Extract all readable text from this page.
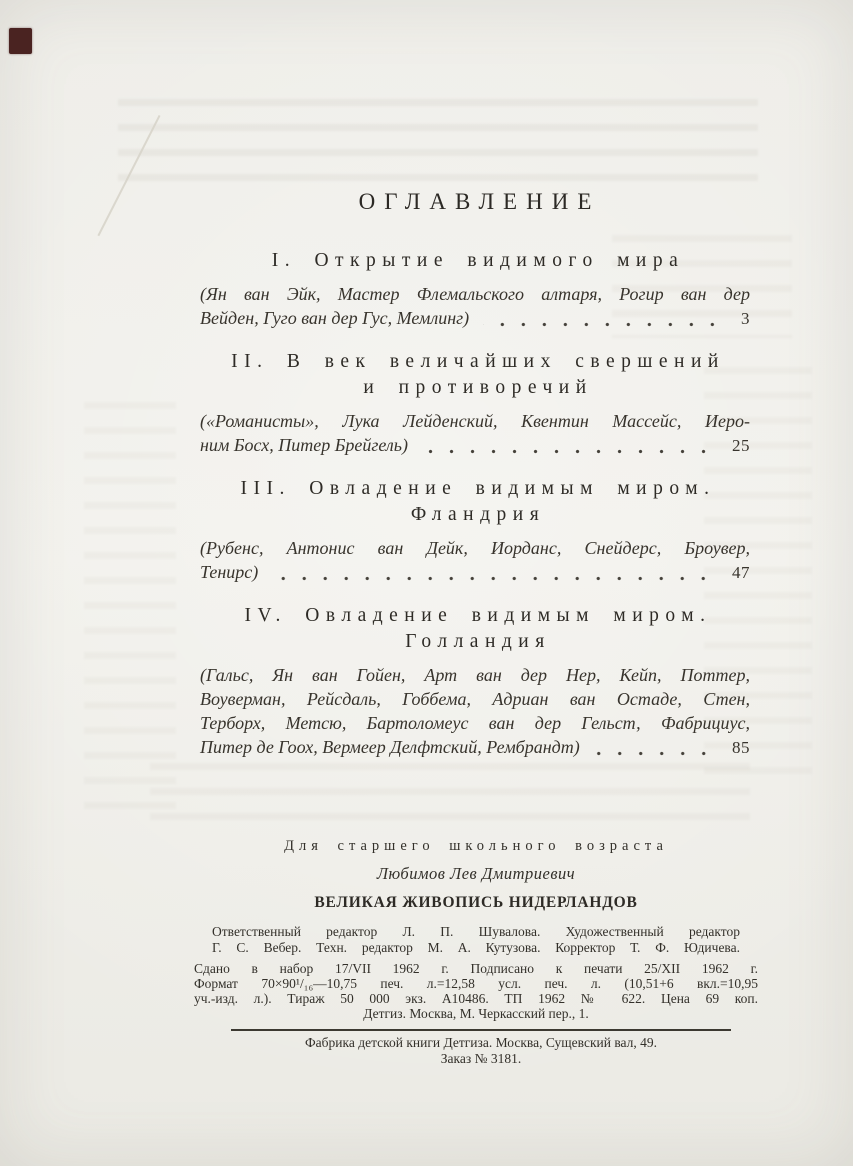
ОГЛАВЛЕНИЕ
I. Открытие видимого мира
(Ян ван Эйк, Мастер Флемальского алтаря, Рогир ван дер
Вейден, Гуго ван дер Гус, Мемлинг)	3
II. В век величайших свершений
и противоречий
(«Романисты», Лука Лейденский, Квентин Массейс, Иеро-
ним Босх, Питер Брейгель)	25
III. Овладение видимым миром.
Фландрия
(Рубенс, Антонис ван Дейк, Иорданс, Снейдерс, Броувер,
Тенирс)	47
IV. Овладение видимым миром.
Голландия
(Гальс, Ян ван Гойен, Арт ван дер Нер, Кейп, Поттер,
Воуверман, Рейсдаль, Гоббема, Адриан ван Остаде, Стен,
Терборх, Метсю, Бартоломеус ван дер Гельст, Фабрициус,
Питер де Гоох, Вермеер Делфтский, Рембрандт)	85
Для старшего школьного возраста
Любимов Лев Дмитриевич
ВЕЛИКАЯ ЖИВОПИСЬ НИДЕРЛАНДОВ
Ответственный редактор Л. П. Шувалова. Художественный редактор
Г. С. Вебер. Техн. редактор М. А. Кутузова. Корректор Т. Ф. Юдичева.
Сдано в набор 17/VII 1962 г. Подписано к печати 25/XII 1962 г.
Формат 70×90¹/₁₆—10,75 печ. л.=12,58 усл. печ. л. (10,51+6 вкл.=10,95
уч.-изд. л.). Тираж 50 000 экз. А10486. ТП 1962 № 622. Цена 69 коп.
Детгиз. Москва, М. Черкасский пер., 1.
Фабрика детской книги Детгиза. Москва, Сущевский вал, 49.
Заказ № 3181.
